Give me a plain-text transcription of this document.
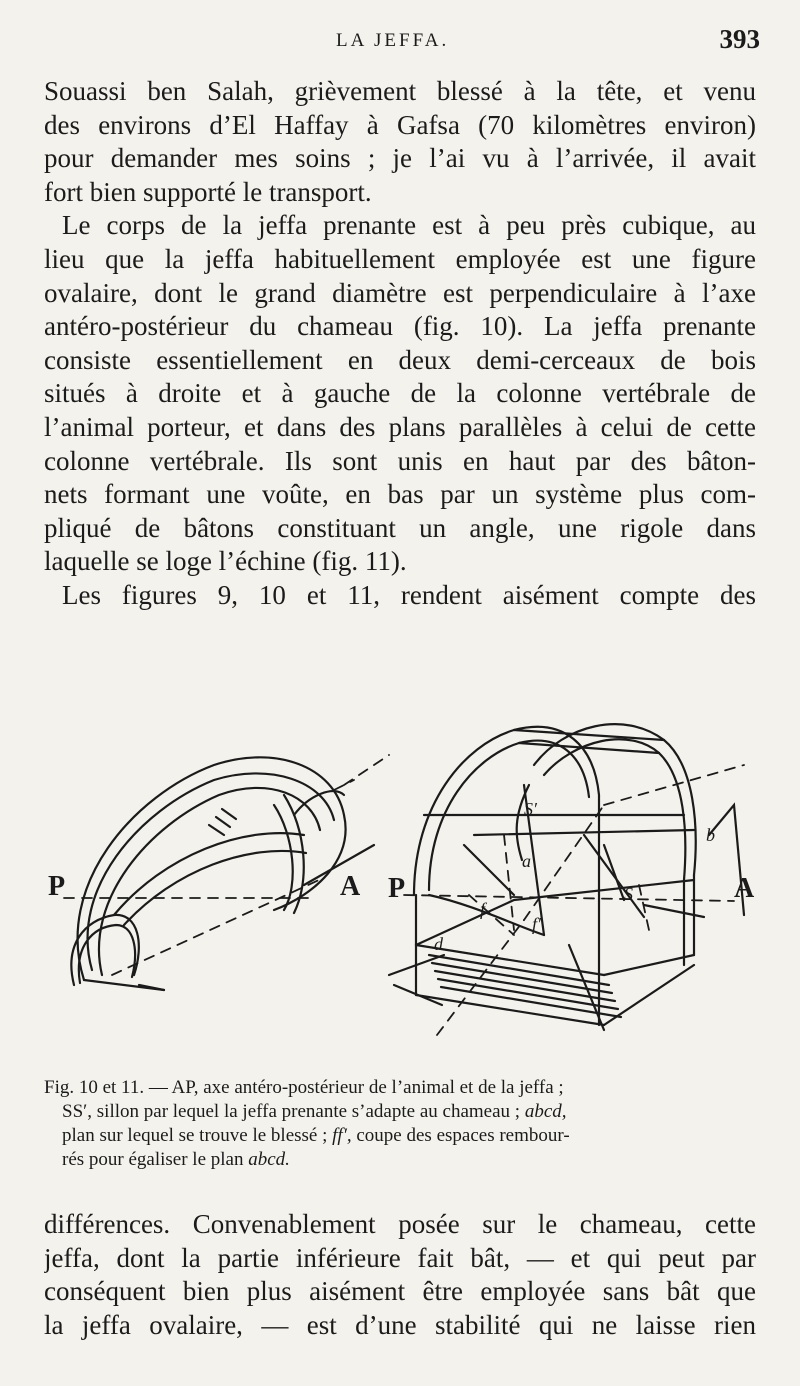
LA JEFFA.	393
Souassi ben Salah, grièvement blessé à la tête, et venu
des environs d’El Haffay à Gafsa (70 kilomètres environ)
pour demander mes soins ; je l’ai vu à l’arrivée, il avait
fort bien supporté le transport.
Le corps de la jeffa prenante est à peu près cubique, au
lieu que la jeffa habituellement employée est une figure
ovalaire, dont le grand diamètre est perpendiculaire à l’axe
antéro-postérieur du chameau (fig. 10). La jeffa prenante
consiste essentiellement en deux demi-cerceaux de bois
situés à droite et à gauche de la colonne vertébrale de
l’animal porteur, et dans des plans parallèles à celui de cette
colonne vertébrale. Ils sont unis en haut par des bâton-
nets formant une voûte, en bas par un système plus com-
pliqué de bâtons constituant un angle, une rigole dans
laquelle se loge l’échine (fig. 11).
Les figures 9, 10 et 11, rendent aisément compte des
P	A P	A
a
b
d
f
f′
S
S′
Fig. 10 et 11. — AP, axe antéro-postérieur de l’animal et de la jeffa ;
SS′, sillon par lequel la jeffa prenante s’adapte au chameau ; abcd,
plan sur lequel se trouve le blessé ; ff′, coupe des espaces rembour-
rés pour égaliser le plan abcd.
différences. Convenablement posée sur le chameau, cette
jeffa, dont la partie inférieure fait bât, — et qui peut par
conséquent bien plus aisément être employée sans bât que
la jeffa ovalaire, — est d’une stabilité qui ne laisse rien
